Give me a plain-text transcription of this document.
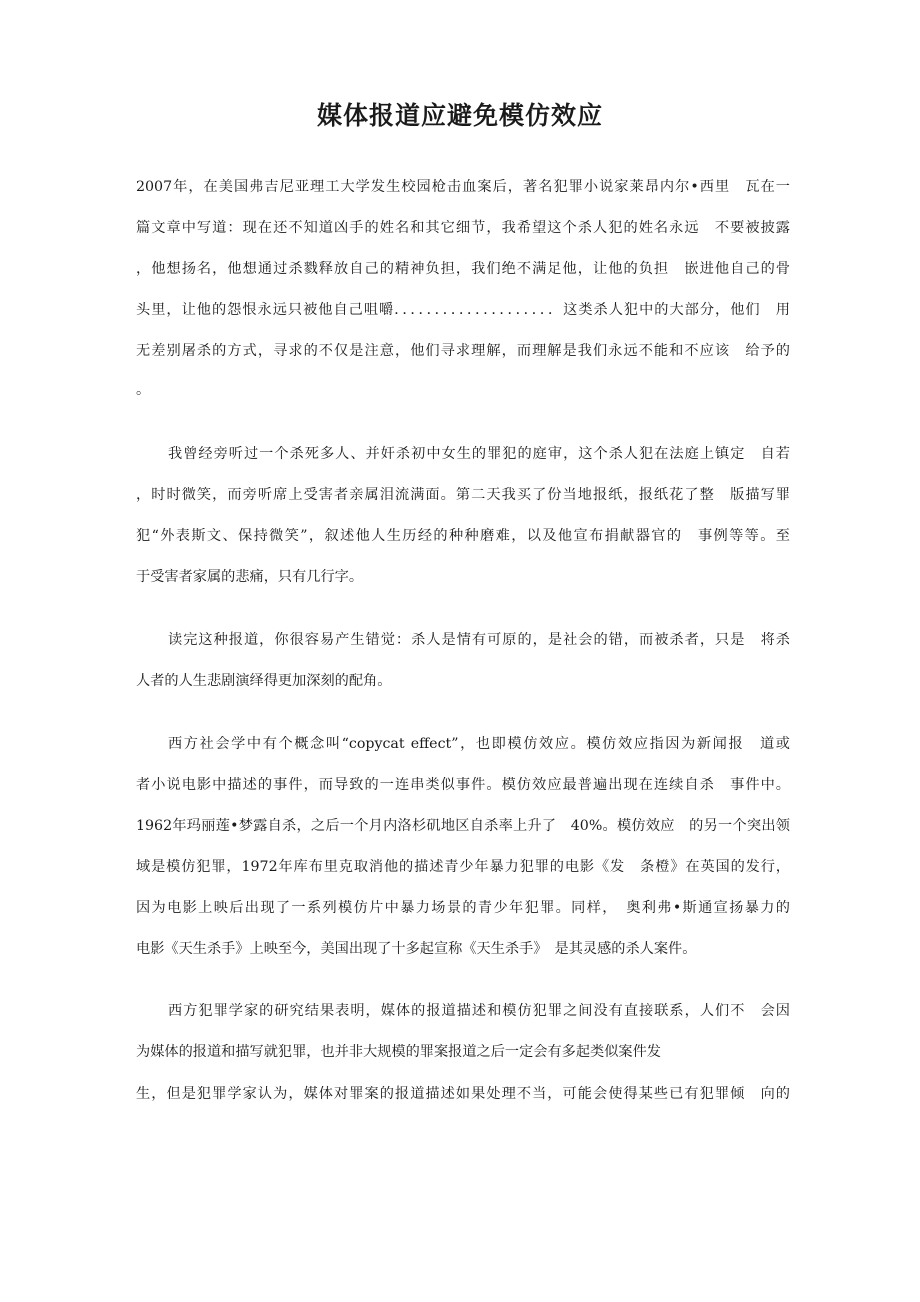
媒体报道应避免模仿效应
2007年，在美国弗吉尼亚理工大学发生校园枪击血案后，著名犯罪小说家莱昂内尔•西里　瓦在一
篇文章中写道：现在还不知道凶手的姓名和其它细节，我希望这个杀人犯的姓名永远　不要被披露
，他想扬名，他想通过杀戮释放自己的精神负担，我们绝不满足他，让他的负担　嵌进他自己的骨
头里，让他的怨恨永远只被他自己咀嚼．．．．．．．．．．．．．．．．．．．．这类杀人犯中的大部分，他们　用
无差别屠杀的方式，寻求的不仅是注意，他们寻求理解，而理解是我们永远不能和不应该　给予的
。
我曾经旁听过一个杀死多人、并奸杀初中女生的罪犯的庭审，这个杀人犯在法庭上镇定　自若
，时时微笑，而旁听席上受害者亲属泪流满面。第二天我买了份当地报纸，报纸花了整　版描写罪
犯“外表斯文、保持微笑”，叙述他人生历经的种种磨难，以及他宣布捐献器官的　事例等等。至
于受害者家属的悲痛，只有几行字。
读完这种报道，你很容易产生错觉：杀人是情有可原的，是社会的错，而被杀者，只是　将杀
人者的人生悲剧演绎得更加深刻的配角。
西方社会学中有个概念叫“copycat effect”，也即模仿效应。模仿效应指因为新闻报　道或
者小说电影中描述的事件，而导致的一连串类似事件。模仿效应最普遍出现在连续自杀　事件中。
1962年玛丽莲•梦露自杀，之后一个月内洛杉矶地区自杀率上升了　40%。模仿效应　的另一个突出领
域是模仿犯罪，1972年库布里克取消他的描述青少年暴力犯罪的电影《发　条橙》在英国的发行，
因为电影上映后出现了一系列模仿片中暴力场景的青少年犯罪。同样，　奥利弗•斯通宣扬暴力的
电影《天生杀手》上映至今，美国出现了十多起宣称《天生杀手》　是其灵感的杀人案件。
西方犯罪学家的研究结果表明，媒体的报道描述和模仿犯罪之间没有直接联系，人们不　会因
为媒体的报道和描写就犯罪，也并非大规模的罪案报道之后一定会有多起类似案件发
生，但是犯罪学家认为，媒体对罪案的报道描述如果处理不当，可能会使得某些已有犯罪倾　向的
